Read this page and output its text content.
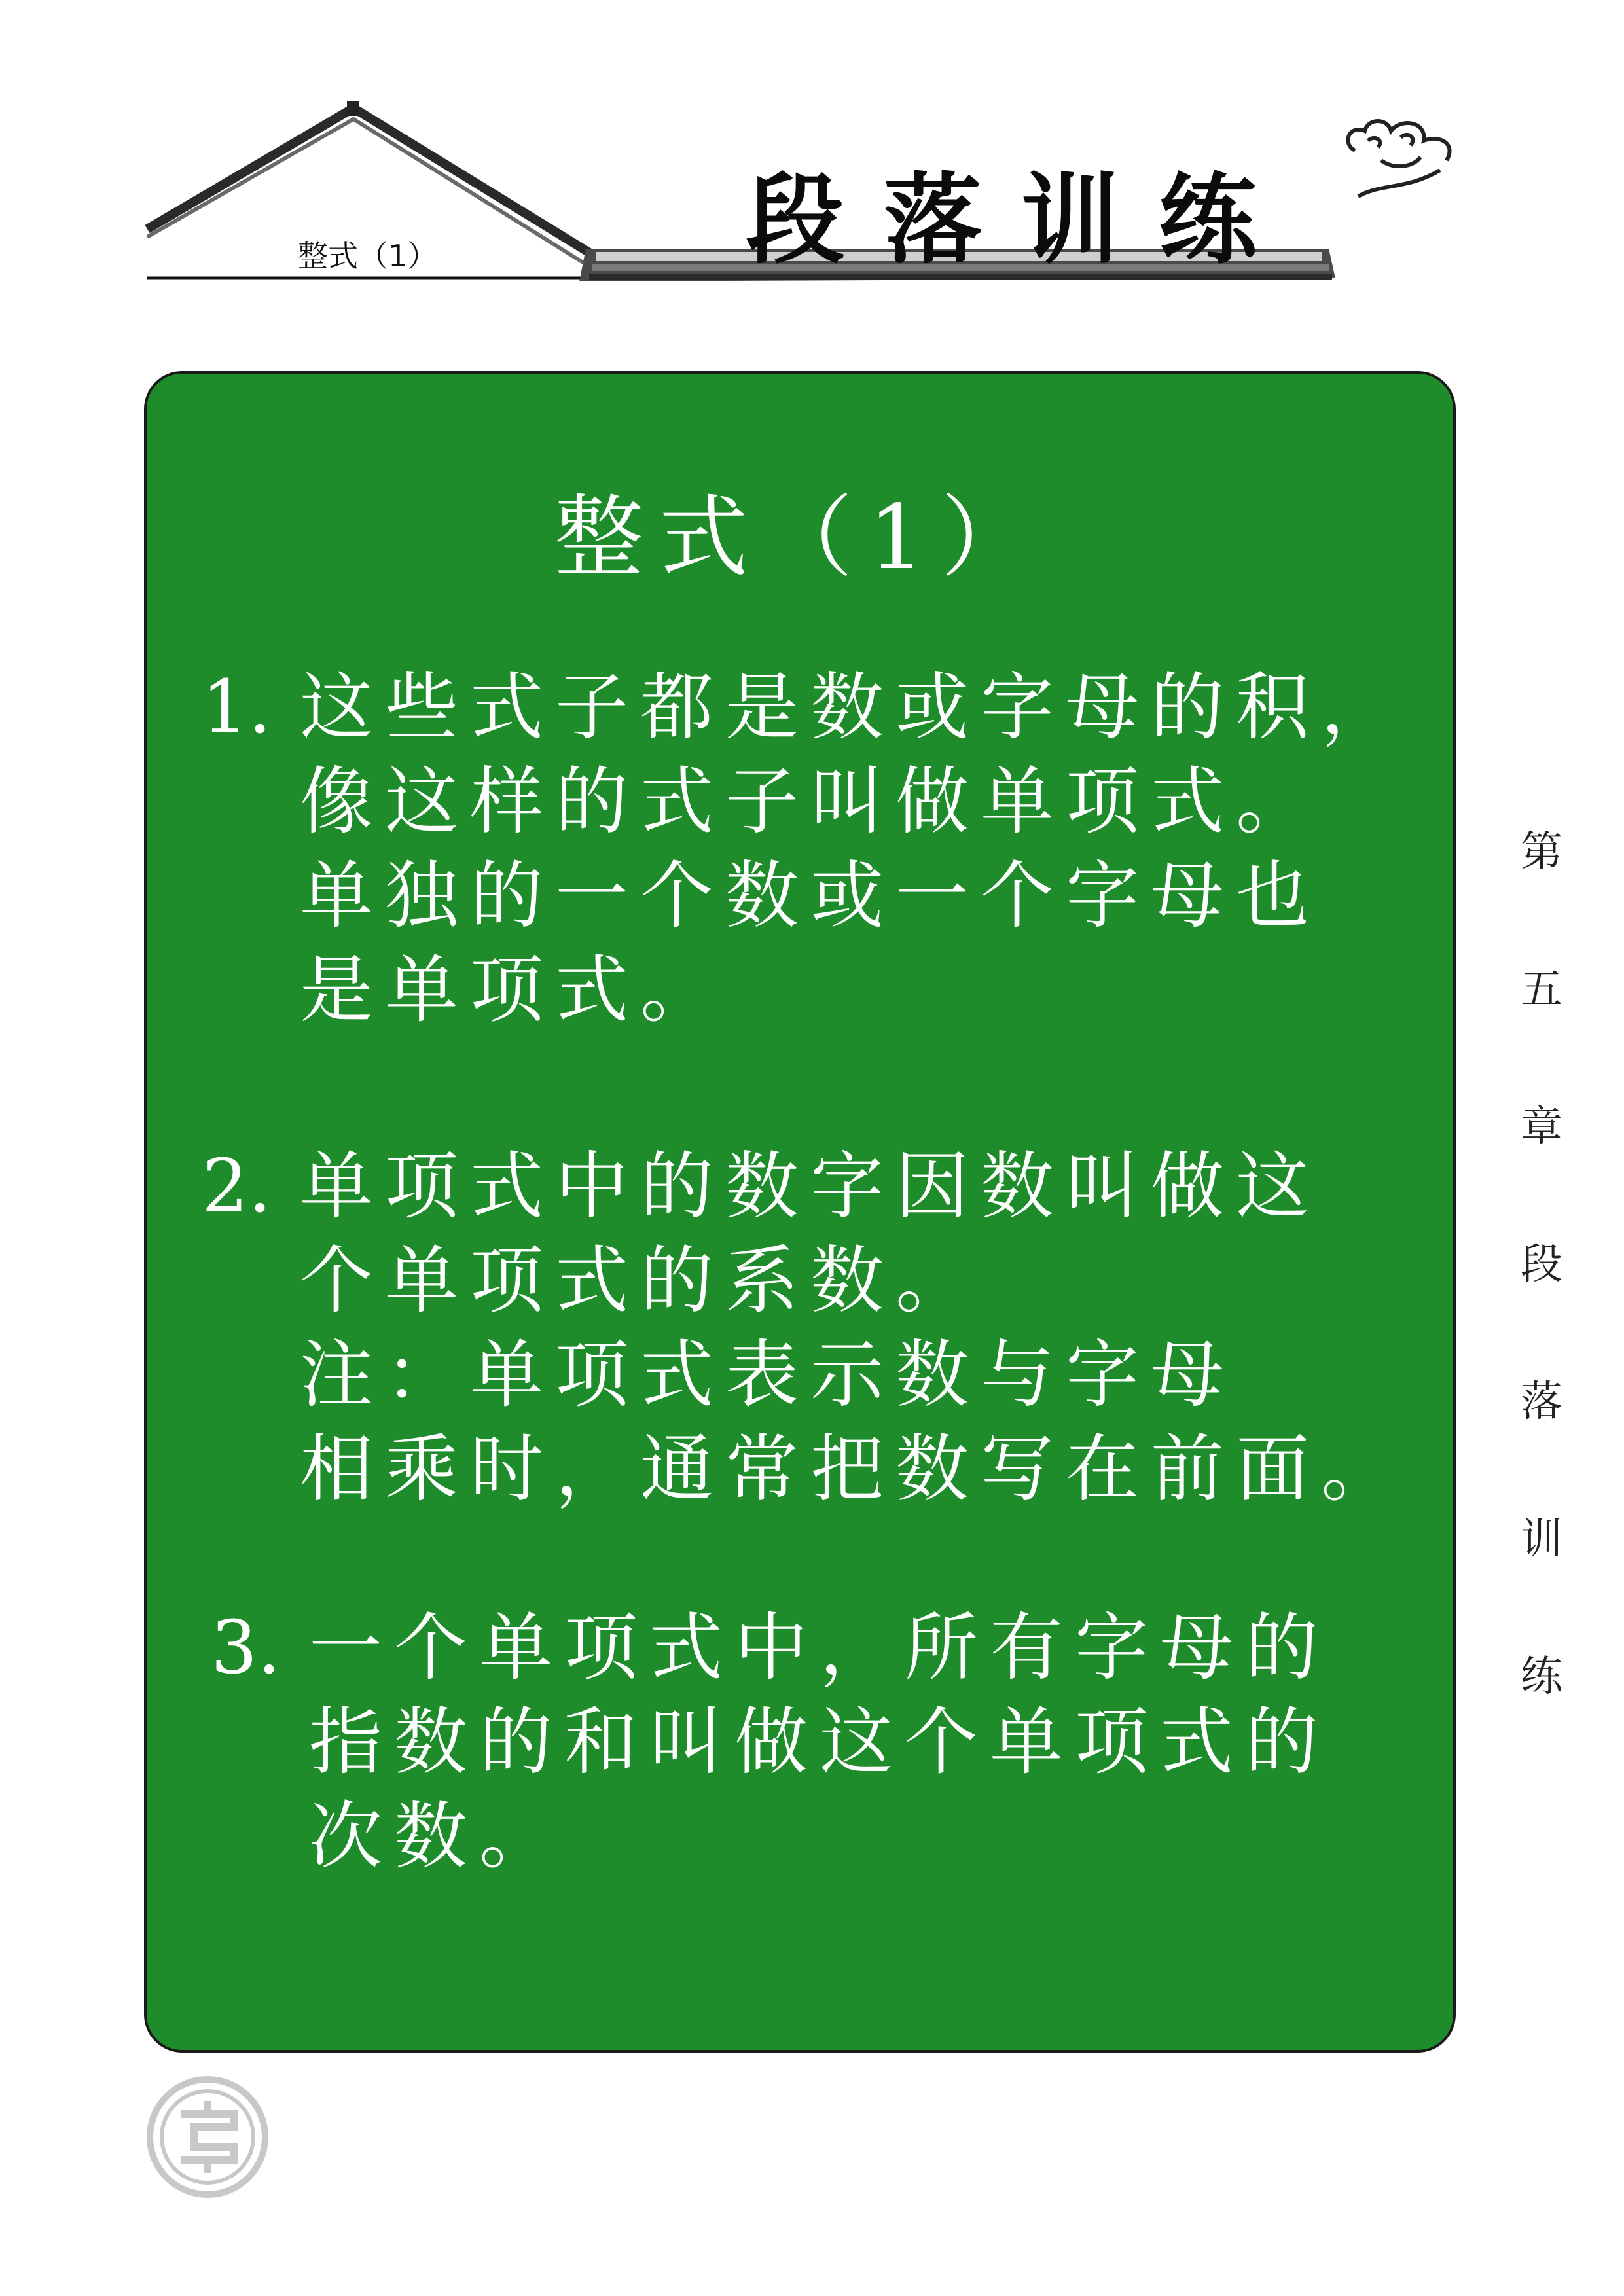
整式（1）	段落训练
整式（1）
1. 这些式子都是数或字母的积，
像这样的式子叫做单项式。
单独的一个数或一个字母也
是单项式。
2. 单项式中的数字因数叫做这
个单项式的系数。
注：单项式表示数与字母
相乘时，通常把数写在前面。
3. 一个单项式中，所有字母的
指数的和叫做这个单项式的
次数。
第
五
章
段
落
训
练
